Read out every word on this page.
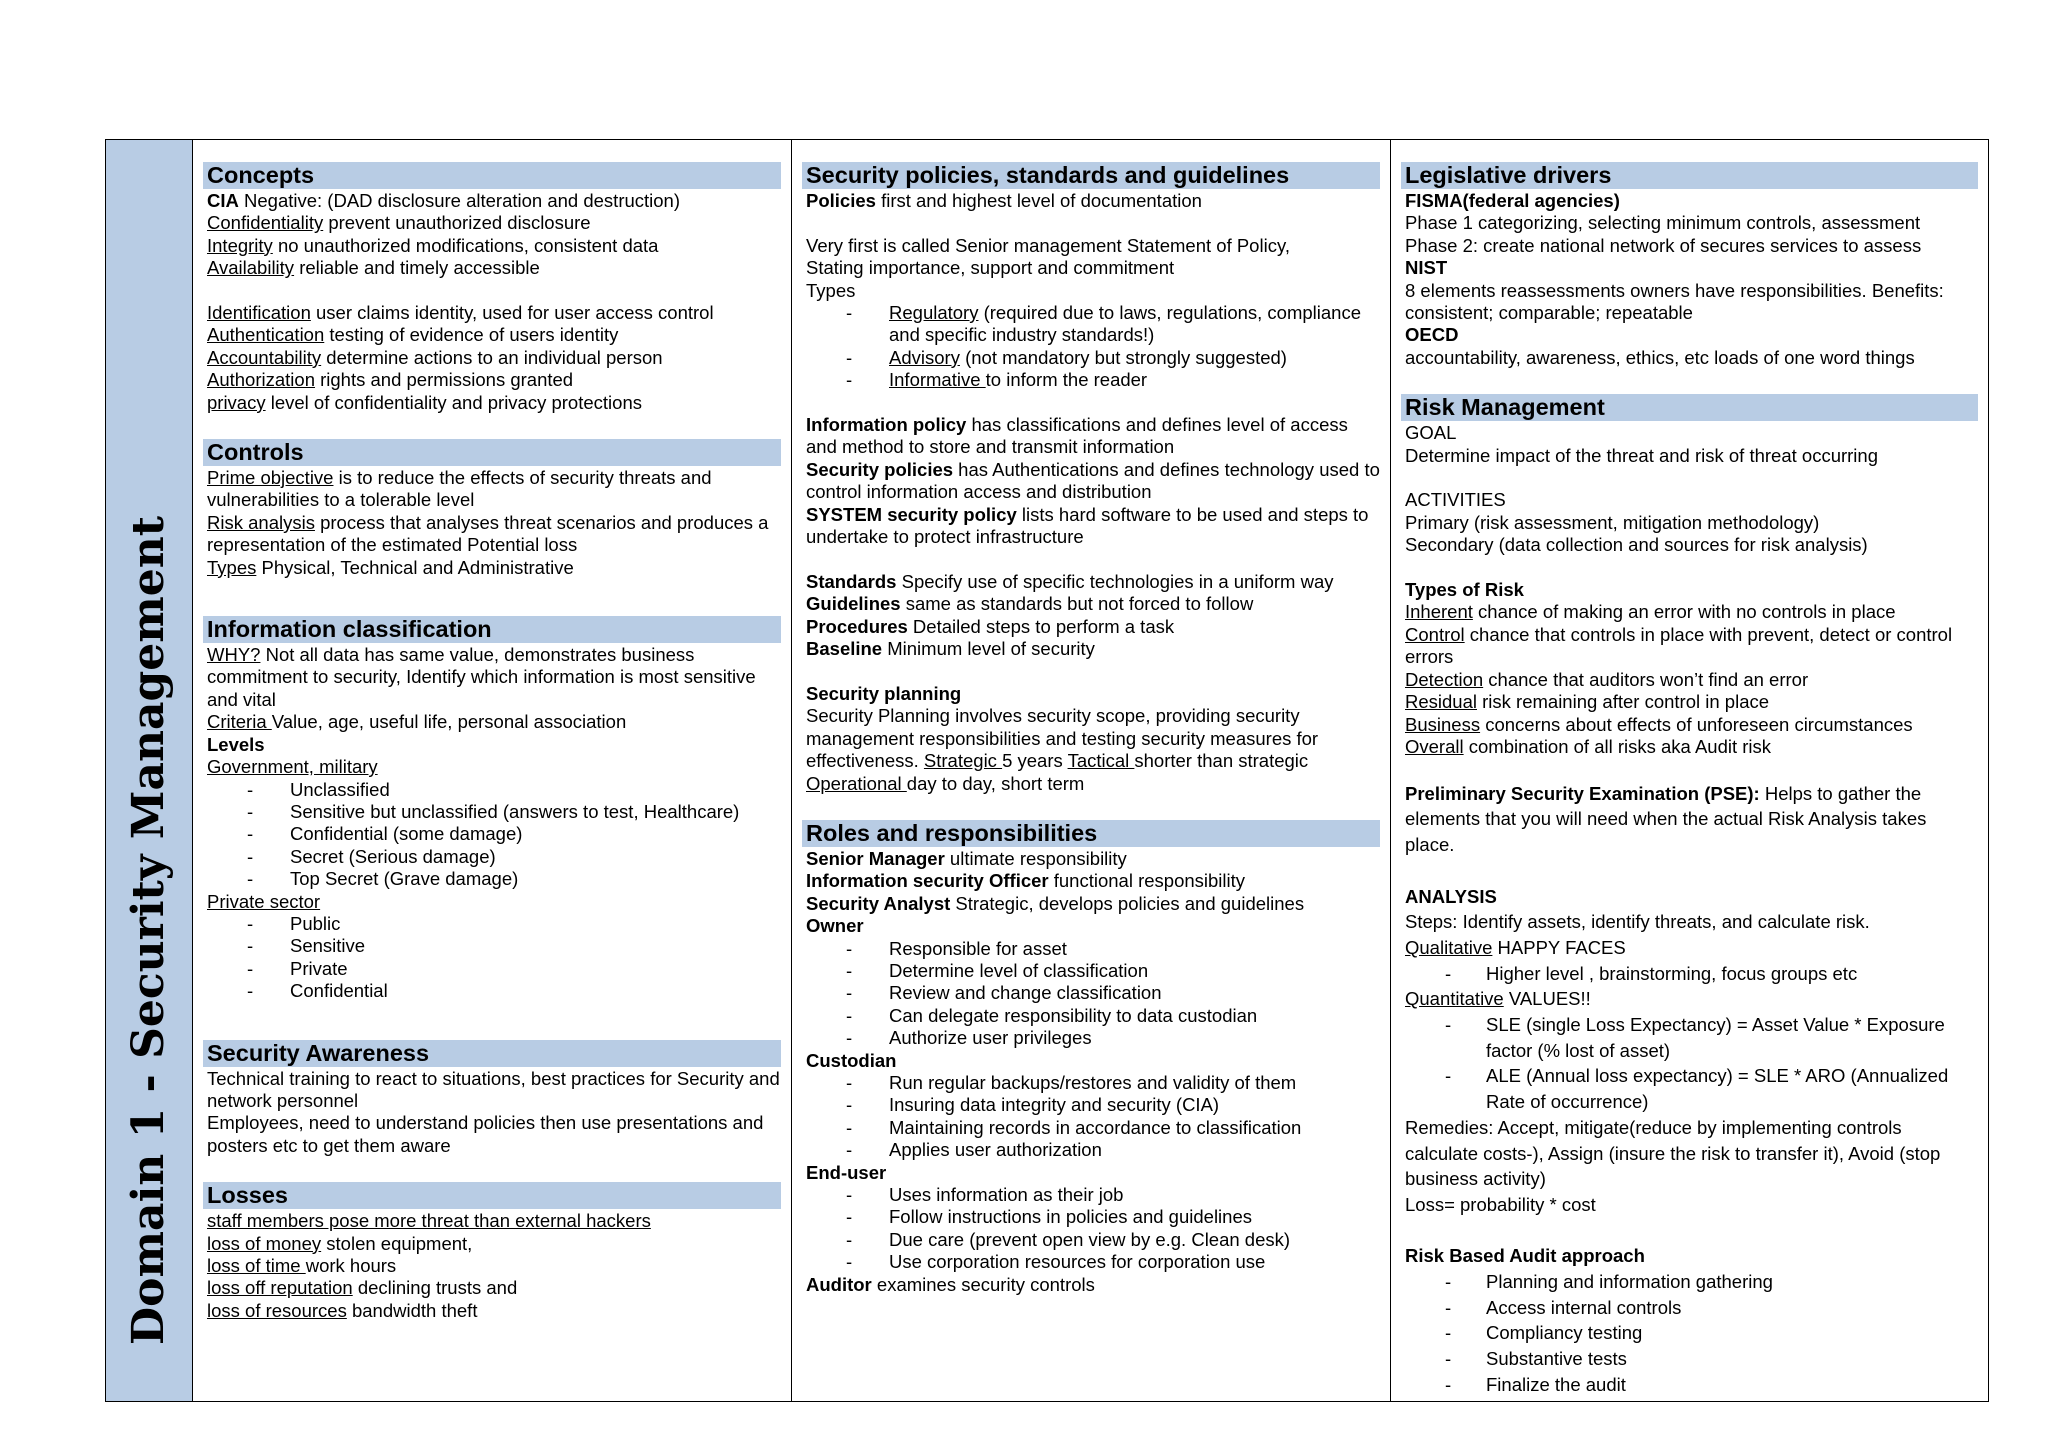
Domain 1 - Security Management
Concepts
CIA Negative: (DAD disclosure alteration and destruction)
Confidentiality prevent unauthorized disclosure
Integrity no unauthorized modifications, consistent data
Availability reliable and timely accessible
Identification user claims identity, used for user access control
Authentication testing of evidence of users identity
Accountability determine actions to an individual person
Authorization rights and permissions granted
privacy level of confidentiality and privacy protections
Controls
Prime objective is to reduce the effects of security threats and vulnerabilities to a tolerable level
Risk analysis process that analyses threat scenarios and produces a representation of the estimated Potential loss
Types Physical, Technical and Administrative
Information classification
WHY? Not all data has same value, demonstrates business commitment to security, Identify which information is most sensitive and vital
Criteria Value, age, useful life, personal association
Levels
Government, military
- Unclassified
- Sensitive but unclassified (answers to test, Healthcare)
- Confidential (some damage)
- Secret (Serious damage)
- Top Secret (Grave damage)
Private sector
- Public
- Sensitive
- Private
- Confidential
Security Awareness
Technical training to react to situations, best practices for Security and network personnel
Employees, need to understand policies then use presentations and posters etc to get them aware
Losses
staff members pose more threat than external hackers
loss of money stolen equipment,
loss of time work hours
loss off reputation declining trusts and
loss of resources bandwidth theft
Security policies, standards and guidelines
Policies first and highest level of documentation
Very first is called Senior management Statement of Policy,
Stating importance, support and commitment
Types
- Regulatory (required due to laws, regulations, compliance and specific industry standards!)
- Advisory (not mandatory but strongly suggested)
- Informative to inform the reader
Information policy has classifications and defines level of access and method to store and transmit information
Security policies has Authentications and defines technology used to control information access and distribution
SYSTEM security policy lists hard software to be used and steps to undertake to protect infrastructure
Standards Specify use of specific technologies in a uniform way
Guidelines same as standards but not forced to follow
Procedures Detailed steps to perform a task
Baseline Minimum level of security
Security planning
Security Planning involves security scope, providing security management responsibilities and testing security measures for effectiveness. Strategic 5 years Tactical shorter than strategic Operational day to day, short term
Roles and responsibilities
Senior Manager ultimate responsibility
Information security Officer functional responsibility
Security Analyst Strategic, develops policies and guidelines
Owner
- Responsible for asset
- Determine level of classification
- Review and change classification
- Can delegate responsibility to data custodian
- Authorize user privileges
Custodian
- Run regular backups/restores and validity of them
- Insuring data integrity and security (CIA)
- Maintaining records in accordance to classification
- Applies user authorization
End-user
- Uses information as their job
- Follow instructions in policies and guidelines
- Due care (prevent open view by e.g. Clean desk)
- Use corporation resources for corporation use
Auditor examines security controls
Legislative drivers
FISMA(federal agencies)
Phase 1 categorizing, selecting minimum controls, assessment
Phase 2: create national network of secures services to assess
NIST
8 elements reassessments owners have responsibilities. Benefits: consistent; comparable; repeatable
OECD
accountability, awareness, ethics, etc loads of one word things
Risk Management
GOAL
Determine impact of the threat and risk of threat occurring
ACTIVITIES
Primary (risk assessment, mitigation methodology)
Secondary (data collection and sources for risk analysis)
Types of Risk
Inherent chance of making an error with no controls in place
Control chance that controls in place with prevent, detect or control errors
Detection chance that auditors won’t find an error
Residual risk remaining after control in place
Business concerns about effects of unforeseen circumstances
Overall combination of all risks aka Audit risk
Preliminary Security Examination (PSE): Helps to gather the elements that you will need when the actual Risk Analysis takes place.
ANALYSIS
Steps: Identify assets, identify threats, and calculate risk.
Qualitative HAPPY FACES
- Higher level , brainstorming, focus groups etc
Quantitative VALUES!!
- SLE (single Loss Expectancy) = Asset Value * Exposure factor (% lost of asset)
- ALE (Annual loss expectancy) = SLE * ARO (Annualized Rate of occurrence)
Remedies: Accept, mitigate(reduce by implementing controls calculate costs-), Assign (insure the risk to transfer it), Avoid (stop business activity)
Loss= probability * cost
Risk Based Audit approach
- Planning and information gathering
- Access internal controls
- Compliancy testing
- Substantive tests
- Finalize the audit
